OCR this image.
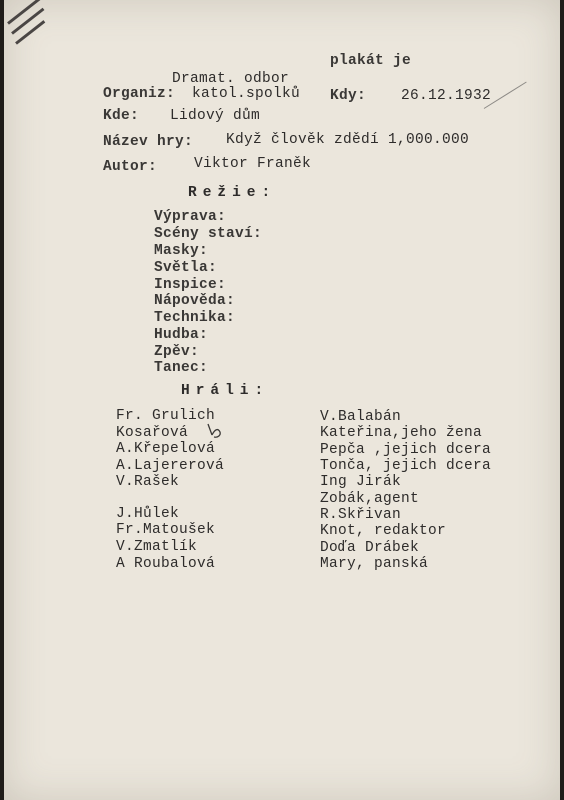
plakát je
Dramat. odbor
Organiz: katol.spolků Kdy: 26.12.1932
Kde: Lidový dům
Název hry: Když člověk zdědí 1,000.000
Autor:	Viktor Franěk
Režie:
Výprava:
Scény staví:
Masky:
Světla:
Inspice:
Nápověda:
Technika:
Hudba:
Zpěv:
Tanec:
Hráli:
Fr. Grulich
Kosařová
A.Křepelová
A.Lajererová
V.Rašek
J.Hůlek
Fr.Matoušek
V.Zmatlík
A Roubalová
V.Balabán
Kateřina,jeho žena
Pepča ,jejich dcera
Tonča, jejich dcera
Ing Jirák
Zobák,agent
R.Skřivan
Knot, redaktor
Doďa Drábek
Mary, panská
